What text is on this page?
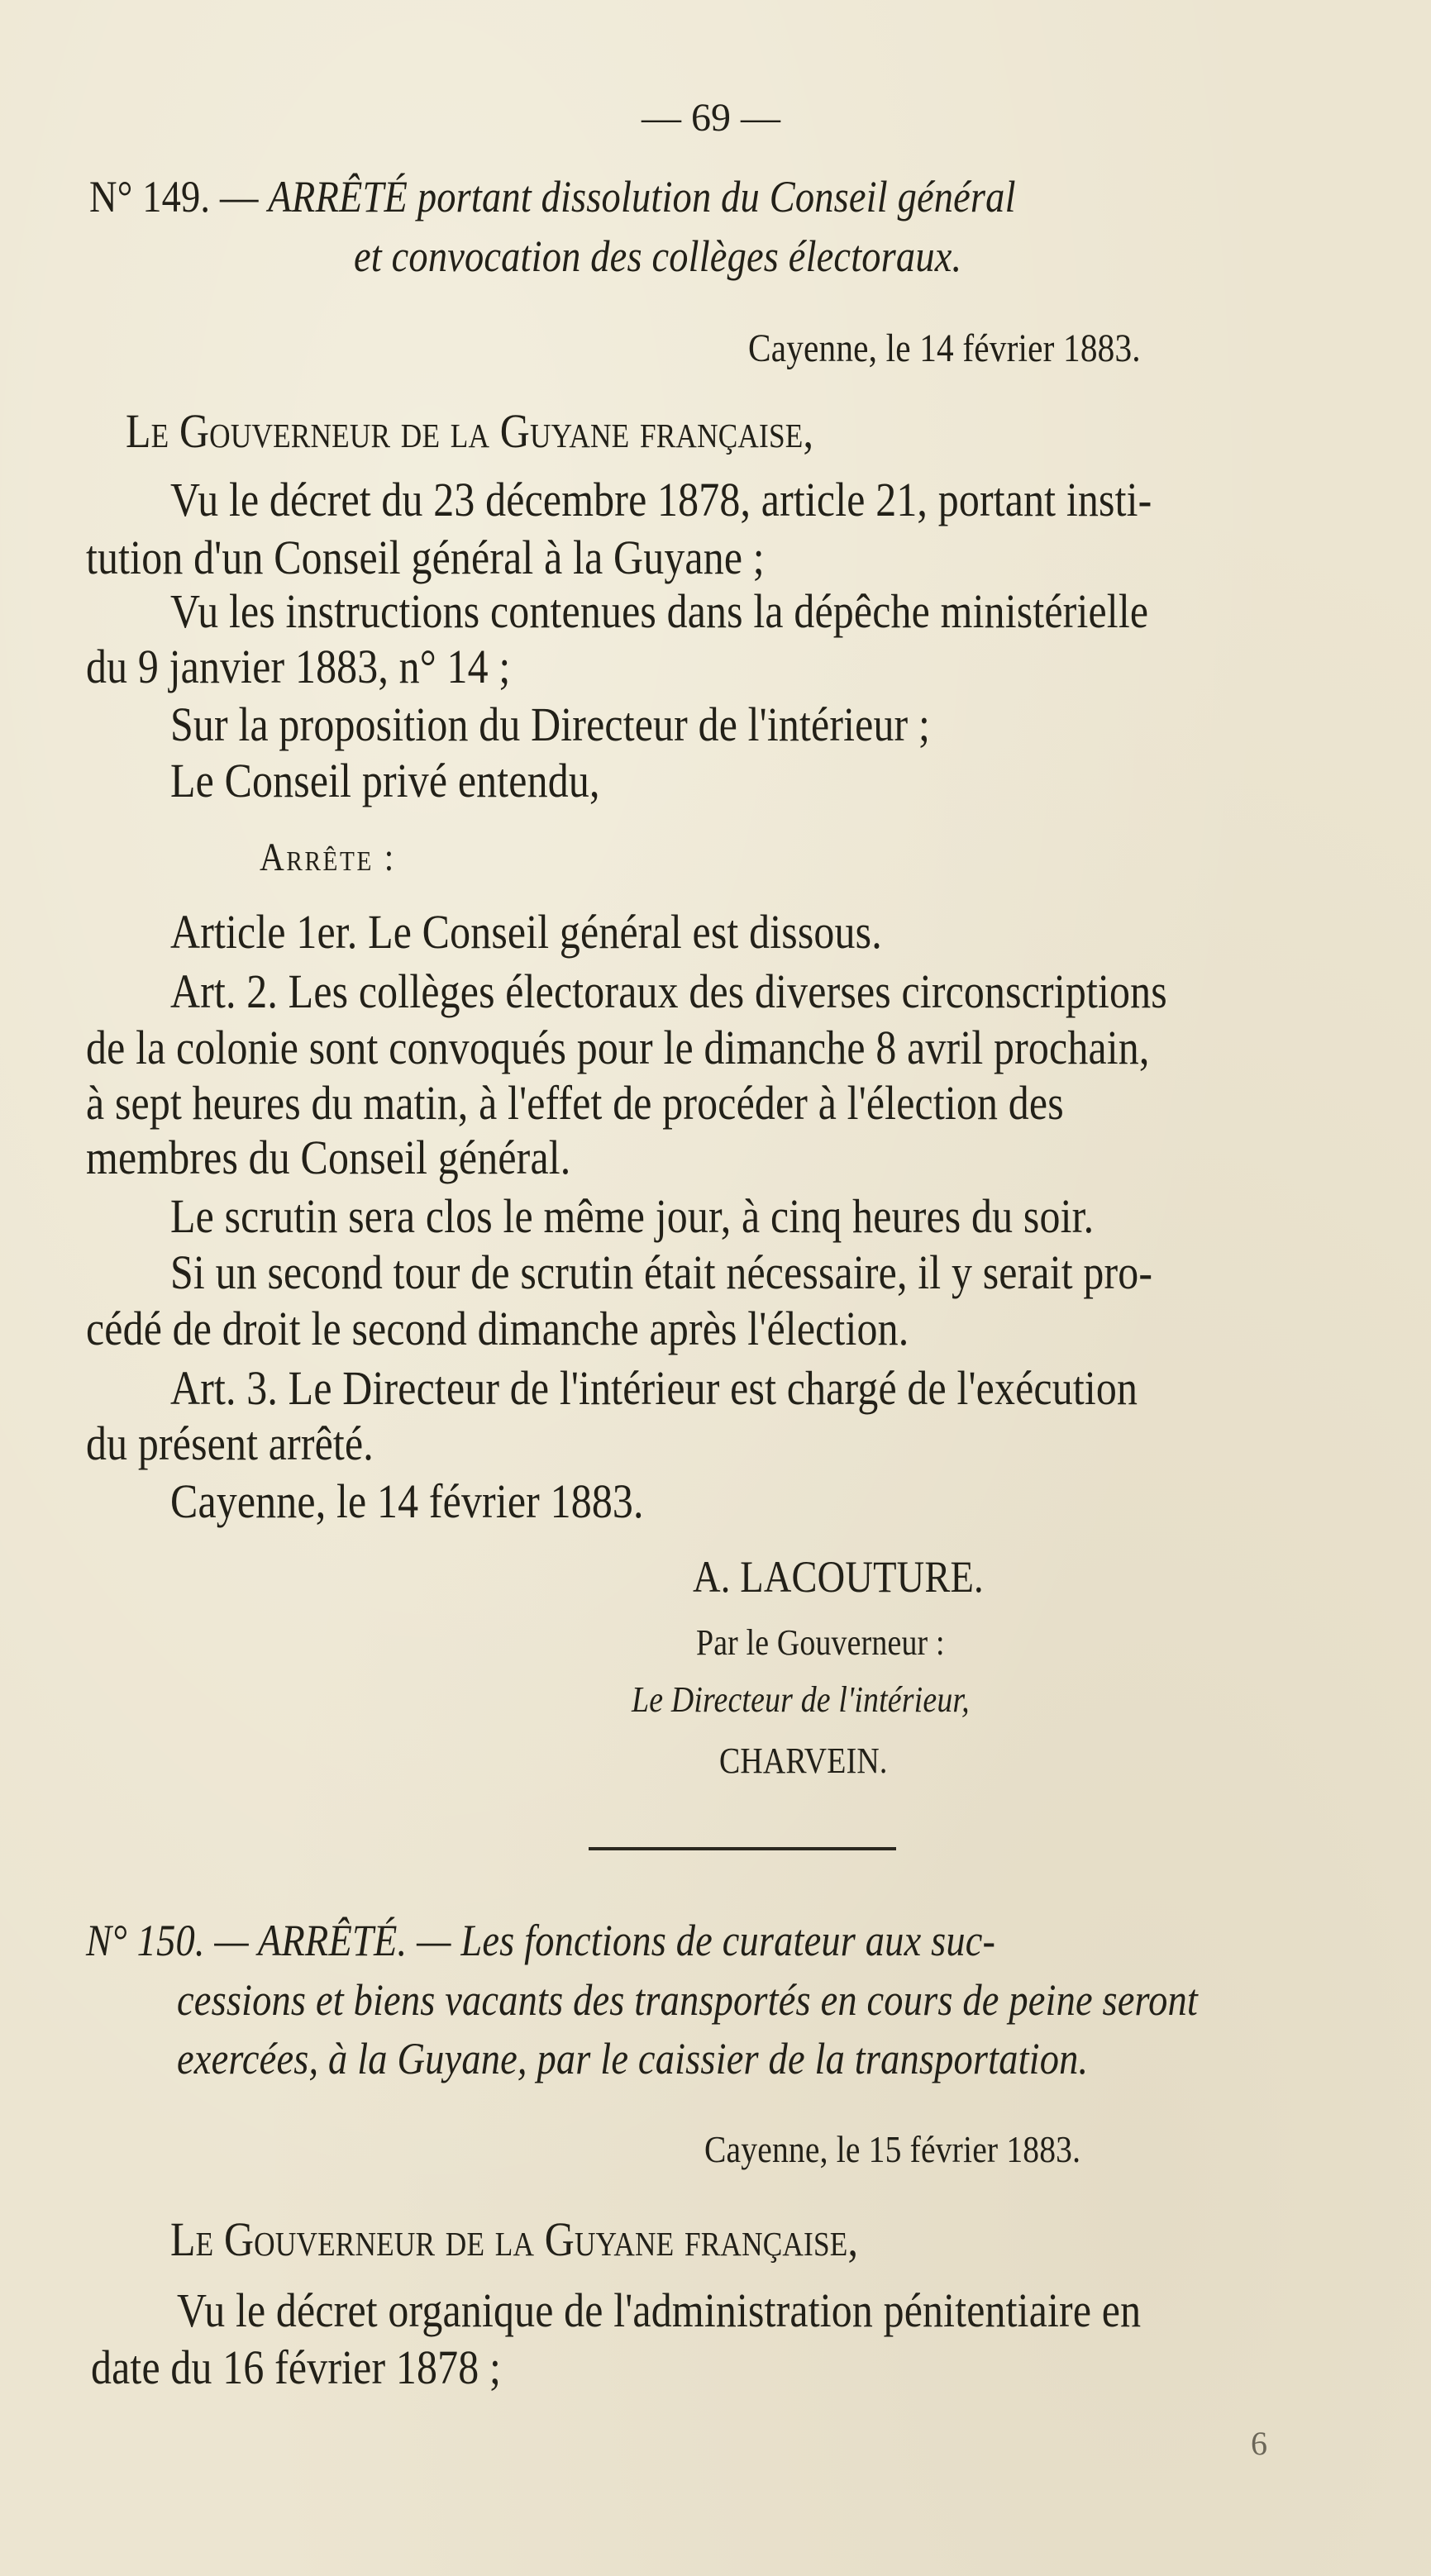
— 69 —
N° 149. — ARRÊTÉ portant dissolution du Conseil général
et convocation des collèges électoraux.
Cayenne, le 14 février 1883.
Le Gouverneur de la Guyane française,
Vu le décret du 23 décembre 1878, article 21, portant insti-
tution d'un Conseil général à la Guyane ;
Vu les instructions contenues dans la dépêche ministérielle
du 9 janvier 1883, n° 14 ;
Sur la proposition du Directeur de l'intérieur ;
Le Conseil privé entendu,
Arrête :
Article 1er. Le Conseil général est dissous.
Art. 2. Les collèges électoraux des diverses circonscriptions
de la colonie sont convoqués pour le dimanche 8 avril prochain,
à sept heures du matin, à l'effet de procéder à l'élection des
membres du Conseil général.
Le scrutin sera clos le même jour, à cinq heures du soir.
Si un second tour de scrutin était nécessaire, il y serait pro-
cédé de droit le second dimanche après l'élection.
Art. 3. Le Directeur de l'intérieur est chargé de l'exécution
du présent arrêté.
Cayenne, le 14 février 1883.
A. LACOUTURE.
Par le Gouverneur :
Le Directeur de l'intérieur,
CHARVEIN.
N° 150. — ARRÊTÉ. — Les fonctions de curateur aux suc-
cessions et biens vacants des transportés en cours de peine seront
exercées, à la Guyane, par le caissier de la transportation.
Cayenne, le 15 février 1883.
Le Gouverneur de la Guyane française,
Vu le décret organique de l'administration pénitentiaire en
date du 16 février 1878 ;
6
